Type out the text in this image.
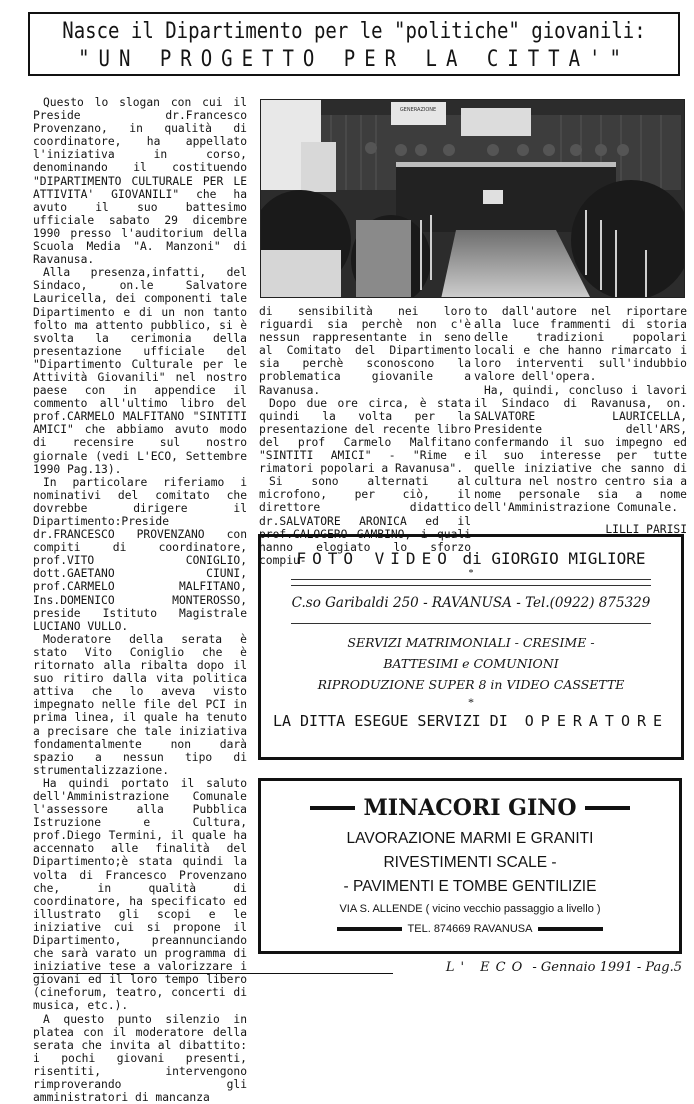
Nasce il Dipartimento per le "politiche" giovanili:
"UN PROGETTO PER LA CITTA'"

Questo lo slogan con cui il Preside dr.Francesco Provenzano, in qualità di coordinatore, ha appellato l'iniziativa in corso, denominando il costituendo "DIPARTIMENTO CULTURALE PER LE ATTIVITA' GIOVANILI" che ha avuto il suo battesimo ufficiale sabato 29 dicembre 1990 presso l'auditorium della Scuola Media "A. Manzoni" di Ravanusa.

Alla presenza,infatti, del Sindaco, on.le Salvatore Lauricella, dei componenti tale Dipartimento e di un non tanto folto ma attento pubblico, si è svolta la cerimonia della presentazione ufficiale del "Dipartimento Culturale per le Attività Giovanili" nel nostro paese con in appendice il commento all'ultimo libro del prof.CARMELO MALFITANO "SINTITI AMICI" che abbiamo avuto modo di recensire sul nostro giornale (vedi L'ECO, Settembre 1990 Pag.13).

In particolare riferiamo i nominativi del comitato che dovrebbe dirigere il Dipartimento:Preside dr.FRANCESCO PROVENZANO con compiti di coordinatore, prof.VITO CONIGLIO, dott.GAETANO CIUNI, prof.CARMELO MALFITANO, Ins.DOMENICO MONTEROSSO, preside Istituto Magistrale LUCIANO VULLO.

Moderatore della serata è stato Vito Coniglio che è ritornato alla ribalta dopo il suo ritiro dalla vita politica attiva che lo aveva visto impegnato nelle file del PCI in prima linea, il quale ha tenuto a precisare che tale iniziativa fondamentalmente non darà spazio a nessun tipo di strumentalizzazione.

Ha quindi portato il saluto dell'Amministrazione Comunale l'assessore alla Pubblica Istruzione e Cultura, prof.Diego Termini, il quale ha accennato alle finalità del Dipartimento;è stata quindi la volta di Francesco Provenzano che, in qualità di coordinatore, ha specificato ed illustrato gli scopi e le iniziative cui si propone il Dipartimento, preannunciando che sarà varato un programma di iniziative tese a valorizzare i giovani ed il loro tempo libero (cineforum, teatro, concerti di musica, etc.).

A questo punto silenzio in platea con il moderatore della serata che invita al dibattito: i pochi giovani presenti, risentiti, intervengono rimproverando gli amministratori di mancanza

GENERAZIONE

di sensibilità nei loro riguardi sia perchè non c'è nessun rappresentante in seno al Comitato del Dipartimento sia perchè sconoscono la problematica giovanile a Ravanusa.

Dopo due ore circa, è stata quindi la volta per la presentazione del recente libro del prof Carmelo Malfitano "SINTITI AMICI" - "Rime e rimatori popolari a Ravanusa".

Si sono alternati al microfono, per ciò, il direttore didattico dr.SALVATORE ARONICA ed il prof.CALOGERO GAMBINO, i quali hanno elogiato lo sforzo compiu-

to dall'autore nel riportare alla luce frammenti di storia delle tradizioni popolari locali e che hanno rimarcato i loro interventi sull'indubbio valore dell'opera.

Ha, quindi, concluso i lavori il Sindaco di Ravanusa, on. SALVATORE LAURICELLA, Presidente dell'ARS, confermando il suo impegno ed il suo interesse per tutte quelle iniziative che sanno di cultura nel nostro centro sia a nome personale sia a nome dell'Amministrazione Comunale.

LILLI PARISI

FOTO VIDEO di GIORGIO MIGLIORE
*
C.so Garibaldi 250 - RAVANUSA - Tel.(0922) 875329
SERVIZI MATRIMONIALI - CRESIME -
BATTESIMI e COMUNIONI
RIPRODUZIONE SUPER 8 in VIDEO CASSETTE
*
LA DITTA ESEGUE SERVIZI DI OPERATORE
MINACORI GINO
LAVORAZIONE MARMI E GRANITI
RIVESTIMENTI SCALE -
- PAVIMENTI E TOMBE GENTILIZIE
VIA S. ALLENDE ( vicino vecchio passaggio a livello )
TEL. 874669 RAVANUSA
L' ECO - Gennaio 1991 - Pag.5
